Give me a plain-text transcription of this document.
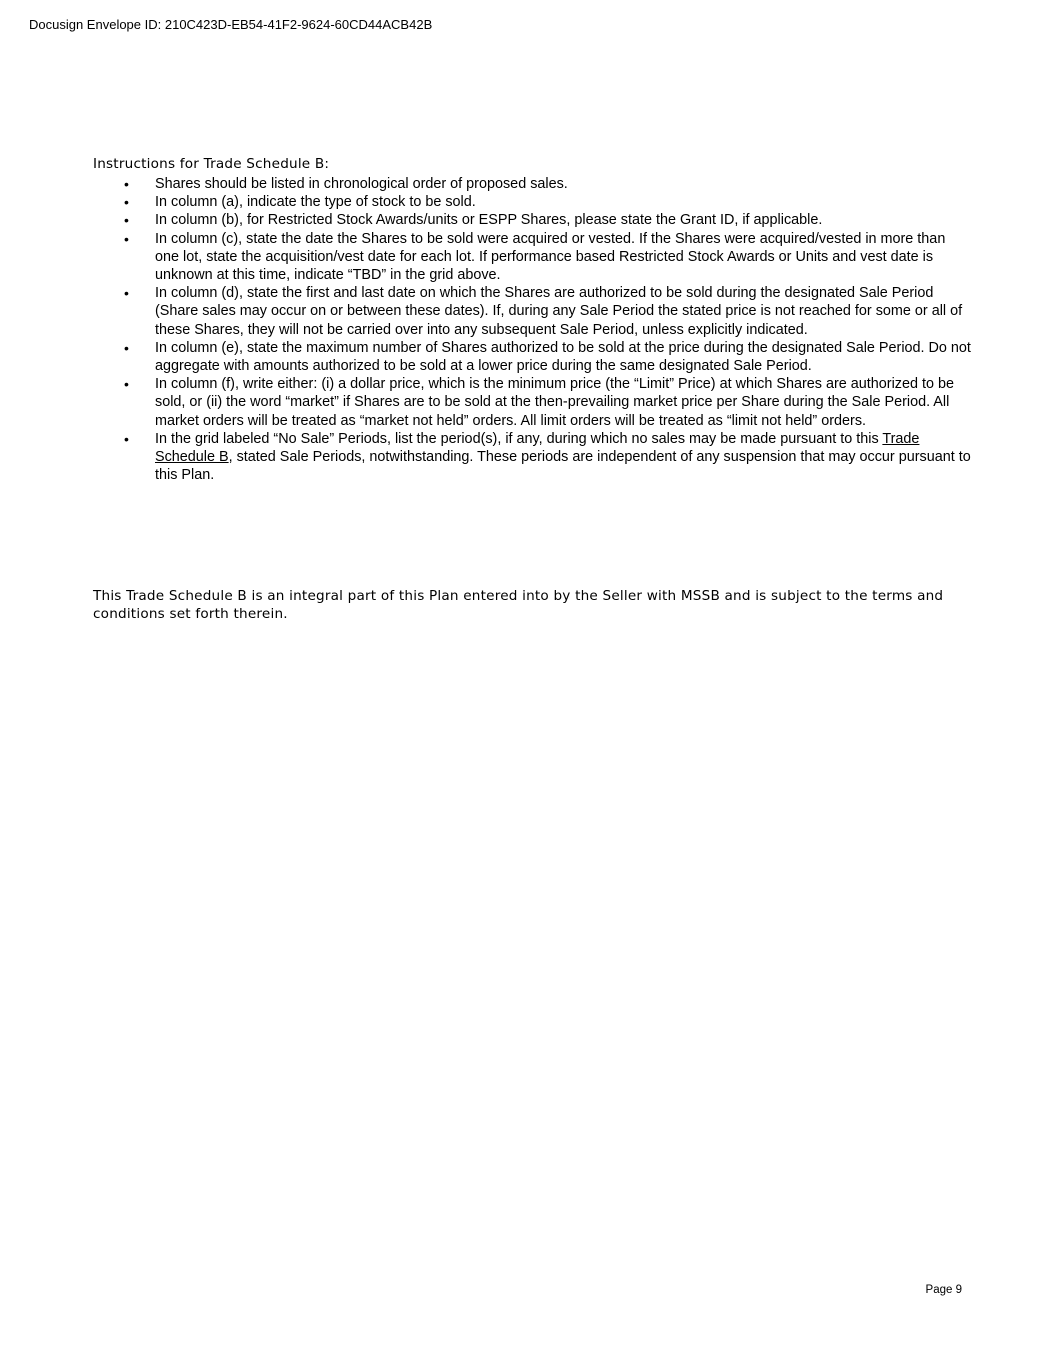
Docusign Envelope ID: 210C423D-EB54-41F2-9624-60CD44ACB42B
Instructions for Trade Schedule B:
• Shares should be listed in chronological order of proposed sales.
• In column (a), indicate the type of stock to be sold.
• In column (b), for Restricted Stock Awards/units or ESPP Shares, please state the Grant ID, if applicable.
• In column (c), state the date the Shares to be sold were acquired or vested. If the Shares were acquired/vested in more than one lot, state the acquisition/vest date for each lot. If performance based Restricted Stock Awards or Units and vest date is unknown at this time, indicate “TBD” in the grid above.
• In column (d), state the first and last date on which the Shares are authorized to be sold during the designated Sale Period (Share sales may occur on or between these dates). If, during any Sale Period the stated price is not reached for some or all of these Shares, they will not be carried over into any subsequent Sale Period, unless explicitly indicated.
• In column (e), state the maximum number of Shares authorized to be sold at the price during the designated Sale Period. Do not aggregate with amounts authorized to be sold at a lower price during the same designated Sale Period.
• In column (f), write either: (i) a dollar price, which is the minimum price (the “Limit” Price) at which Shares are authorized to be sold, or (ii) the word “market” if Shares are to be sold at the then-prevailing market price per Share during the Sale Period. All market orders will be treated as “market not held” orders. All limit orders will be treated as “limit not held” orders.
• In the grid labeled “No Sale” Periods, list the period(s), if any, during which no sales may be made pursuant to this Trade Schedule B, stated Sale Periods, notwithstanding. These periods are independent of any suspension that may occur pursuant to this Plan.
This Trade Schedule B is an integral part of this Plan entered into by the Seller with MSSB and is subject to the terms and conditions set forth therein.
Page 9
